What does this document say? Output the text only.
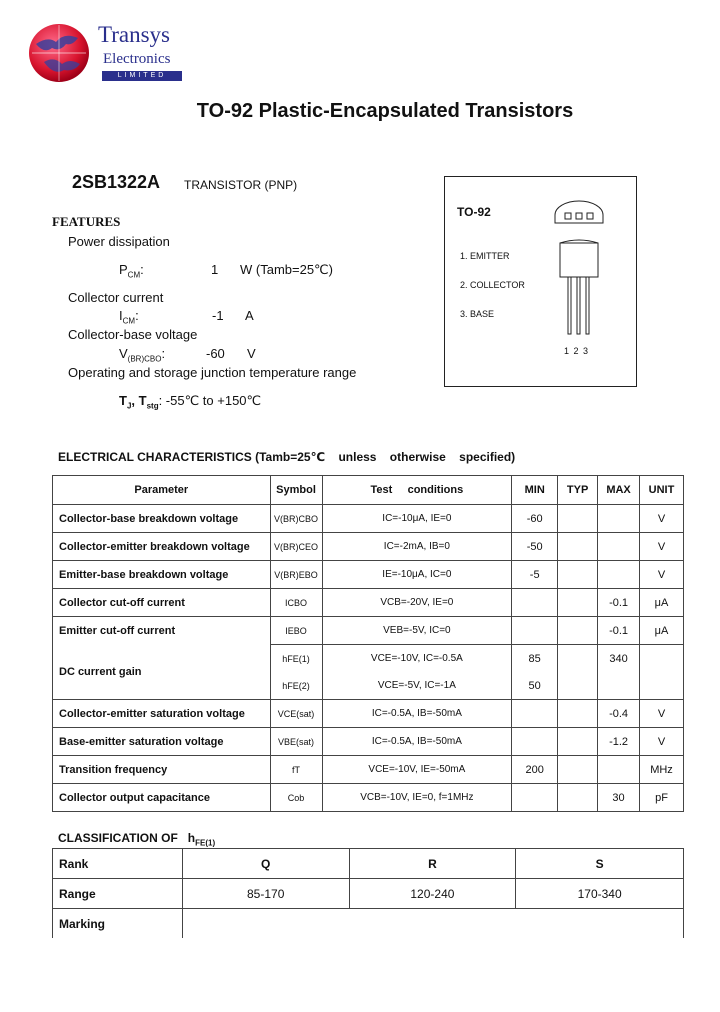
Transys
Electronics
LIMITED
TO-92 Plastic-Encapsulated Transistors
2SB1322A TRANSISTOR (PNP)
FEATURES
Power dissipation
$P_{CM}$:	1 W (Tamb=25℃)
Collector current
$I_{CM}$:	-1 A
Collector-base voltage
$V_{(BR)CBO}$:	-60 V
Operating and storage junction temperature range
$T_J$, $T_{stg}$: -55℃ to +150℃
TO-92
1. EMITTER
2. COLLECTOR
3. BASE
1 2 3
ELECTRICAL CHARACTERISTICS (Tamb=25℃    unless    otherwise    specified)
Parameter	Symbol	Test     conditions	MIN	TYP	MAX	UNIT
Collector-base breakdown voltage	V(BR)CBO	IC=-10μA, IE=0	-60			V
Collector-emitter breakdown voltage	V(BR)CEO	IC=-2mA, IB=0	-50			V
Emitter-base breakdown voltage	V(BR)EBO	IE=-10μA, IC=0	-5			V
Collector cut-off current	ICBO	VCB=-20V, IE=0			-0.1	μA
Emitter cut-off current	IEBO	VEB=-5V, IC=0			-0.1	μA
DC current gain	hFE(1)	VCE=-10V, IC=-0.5A	85		340	
	hFE(2)	VCE=-5V, IC=-1A	50			
Collector-emitter saturation voltage	VCE(sat)	IC=-0.5A, IB=-50mA			-0.4	V
Base-emitter saturation voltage	VBE(sat)	IC=-0.5A, IB=-50mA			-1.2	V
Transition frequency	fT	VCE=-10V, IE=-50mA	200			MHz
Collector output capacitance	Cob	VCB=-10V, IE=0, f=1MHz			30	pF
CLASSIFICATION OF $h_{FE(1)}$
Rank	Q	R	S
Range	85-170	120-240	170-340
Marking			
